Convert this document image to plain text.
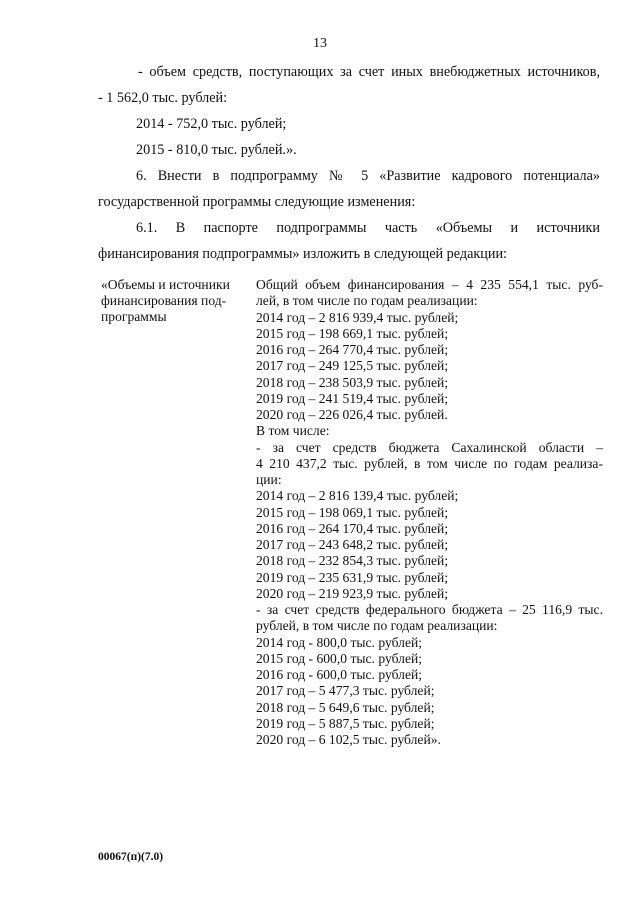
13
- объем средств, поступающих за счет иных внебюджетных источников,
- 1 562,0 тыс. рублей:
2014 - 752,0 тыс. рублей;
2015 - 810,0 тыс. рублей.».
6. Внести в подпрограмму № 5 «Развитие кадрового потенциала»
государственной программы следующие изменения:
6.1. В паспорте подпрограммы часть «Объемы и источники
финансирования подпрограммы» изложить в следующей редакции:
«Объемы и источники
финансирования под-
программы
Общий объем финансирования – 4 235 554,1 тыс. руб-
лей, в том числе по годам реализации:
2014 год – 2 816 939,4 тыс. рублей;
2015 год – 198 669,1 тыс. рублей;
2016 год – 264 770,4 тыс. рублей;
2017 год – 249 125,5 тыс. рублей;
2018 год – 238 503,9 тыс. рублей;
2019 год – 241 519,4 тыс. рублей;
2020 год – 226 026,4 тыс. рублей.
В том числе:
- за счет средств бюджета Сахалинской области –
4 210 437,2 тыс. рублей, в том числе по годам реализа-
ции:
2014 год – 2 816 139,4 тыс. рублей;
2015 год – 198 069,1 тыс. рублей;
2016 год – 264 170,4 тыс. рублей;
2017 год – 243 648,2 тыс. рублей;
2018 год – 232 854,3 тыс. рублей;
2019 год – 235 631,9 тыс. рублей;
2020 год – 219 923,9 тыс. рублей;
- за счет средств федерального бюджета – 25 116,9 тыс.
рублей, в том числе по годам реализации:
2014 год - 800,0 тыс. рублей;
2015 год - 600,0 тыс. рублей;
2016 год - 600,0 тыс. рублей;
2017 год – 5 477,3 тыс. рублей;
2018 год – 5 649,6 тыс. рублей;
2019 год – 5 887,5 тыс. рублей;
2020 год – 6 102,5 тыс. рублей».
00067(п)(7.0)
